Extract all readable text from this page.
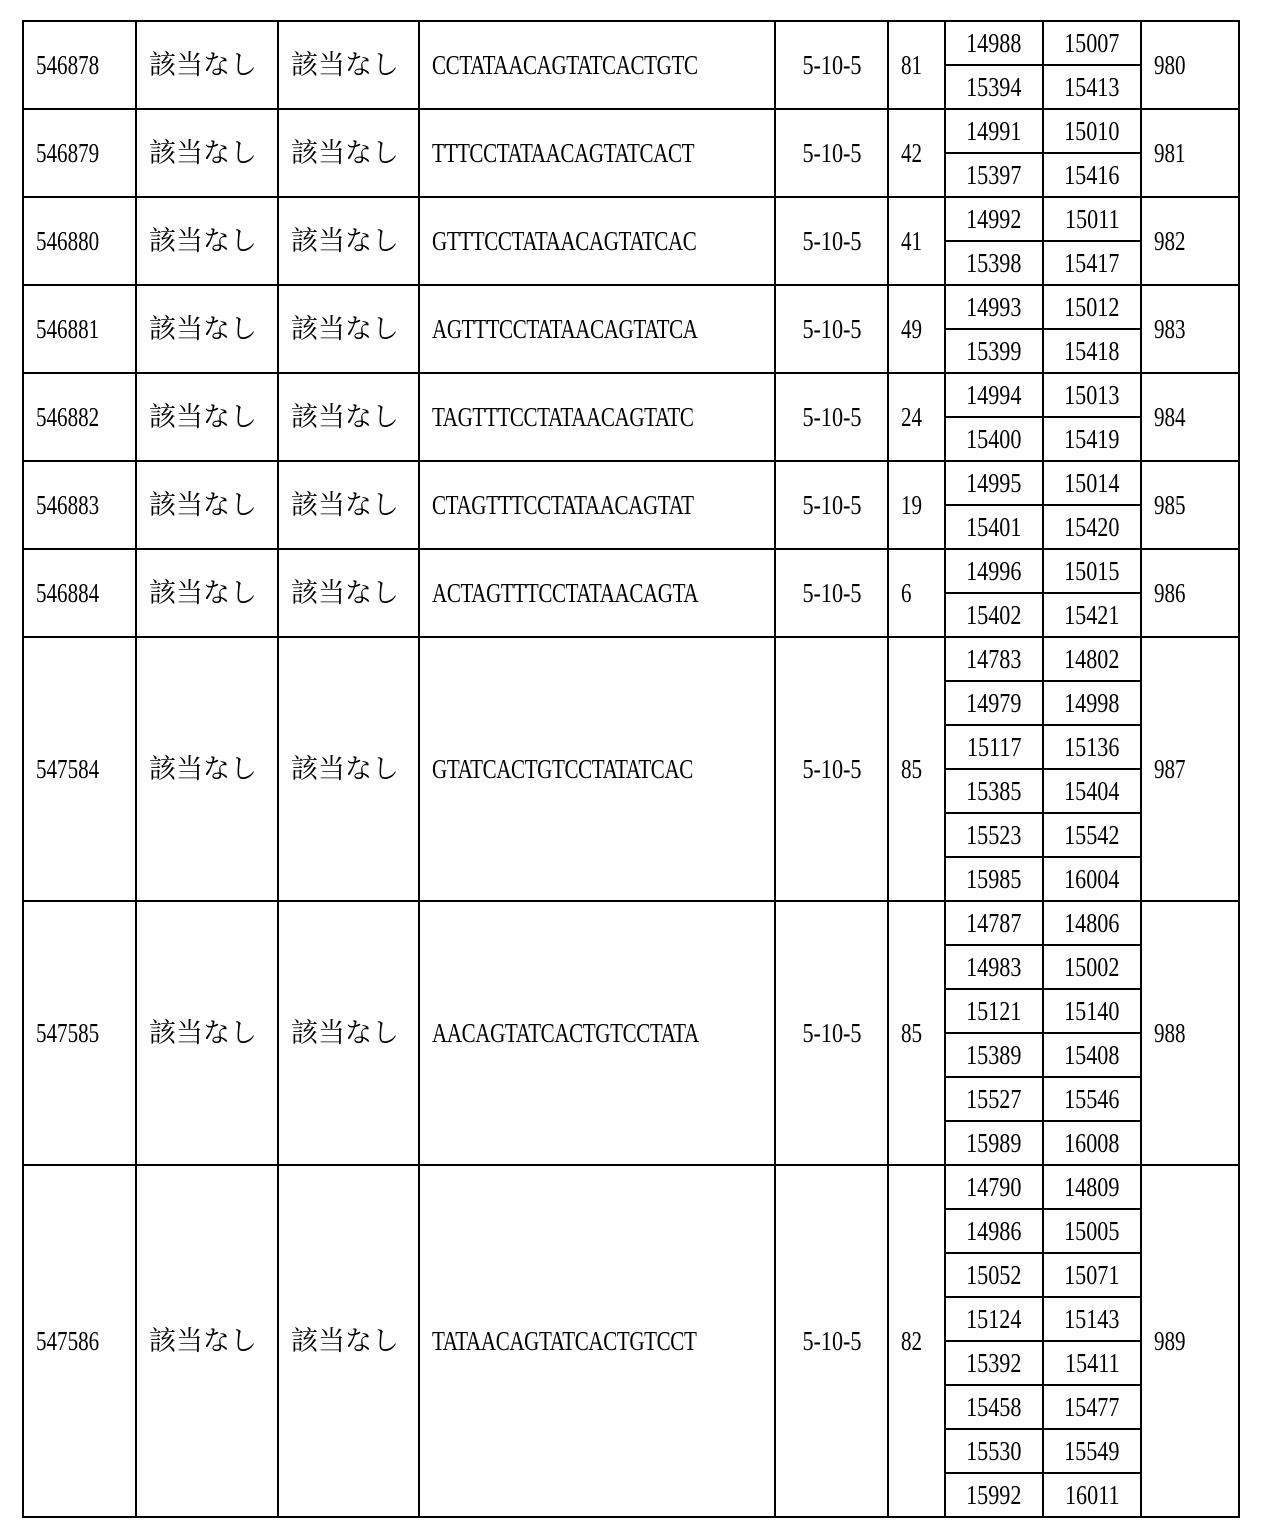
546878	該当なし	該当なし	CCTATAACAGTATCACTGTC	5-10-5	81	14988	15007	980
						15394	15413	
546879	該当なし	該当なし	TTTCCTATAACAGTATCACT	5-10-5	42	14991	15010	981
						15397	15416	
546880	該当なし	該当なし	GTTTCCTATAACAGTATCAC	5-10-5	41	14992	15011	982
						15398	15417	
546881	該当なし	該当なし	AGTTTCCTATAACAGTATCA	5-10-5	49	14993	15012	983
						15399	15418	
546882	該当なし	該当なし	TAGTTTCCTATAACAGTATC	5-10-5	24	14994	15013	984
						15400	15419	
546883	該当なし	該当なし	CTAGTTTCCTATAACAGTAT	5-10-5	19	14995	15014	985
						15401	15420	
546884	該当なし	該当なし	ACTAGTTTCCTATAACAGTA	5-10-5	6	14996	15015	986
						15402	15421	
547584	該当なし	該当なし	GTATCACTGTCCTATATCAC	5-10-5	85	14783	14802	987
						14979	14998	
						15117	15136	
						15385	15404	
						15523	15542	
						15985	16004	
547585	該当なし	該当なし	AACAGTATCACTGTCCTATA	5-10-5	85	14787	14806	988
						14983	15002	
						15121	15140	
						15389	15408	
						15527	15546	
						15989	16008	
547586	該当なし	該当なし	TATAACAGTATCACTGTCCT	5-10-5	82	14790	14809	989
						14986	15005	
						15052	15071	
						15124	15143	
						15392	15411	
						15458	15477	
						15530	15549	
						15992	16011	
